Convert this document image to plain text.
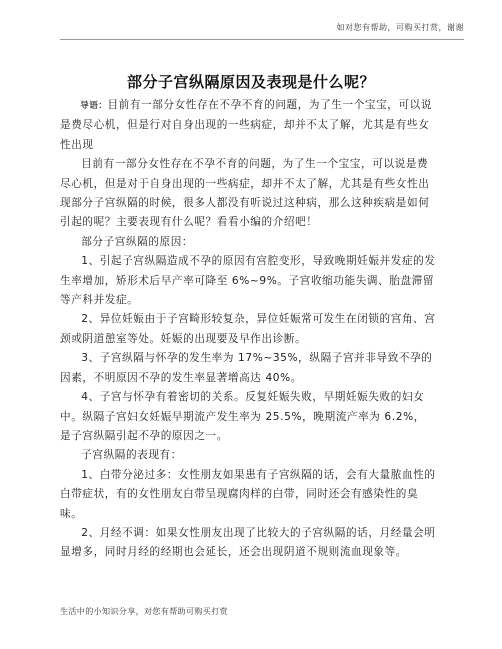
如对您有帮助，可购买打赏，谢谢
部分子宫纵隔原因及表现是什么呢？

导语：目前有一部分女性存在不孕不育的问题，为了生一个宝宝，可以说是费尽心机，但是行对自身出现的一些病症，却并不太了解，尤其是有些女性出现

目前有一部分女性存在不孕不育的问题，为了生一个宝宝，可以说是费尽心机，但是对于自身出现的一些病症，却并不太了解，尤其是有些女性出现部分子宫纵隔的时候，很多人都没有听说过这种病，那么这种疾病是如何引起的呢？主要表现有什么呢？看看小编的介绍吧！

部分子宫纵隔的原因：

1、引起子宫纵隔造成不孕的原因有宫腔变形，导致晚期妊娠并发症的发生率增加，矫形术后早产率可降至 6%~9%。子宫收缩功能失调、胎盘滞留等产科并发症。

2、异位妊娠由于子宫畸形较复杂，异位妊娠常可发生在闭锁的宫角、宫颈或阴道憩室等处。妊娠的出现要及早作出诊断。

3、子宫纵隔与怀孕的发生率为 17%~35%，纵隔子宫并非导致不孕的因素，不明原因不孕的发生率显著增高达 40%。

4、子宫与怀孕有着密切的关系。反复妊娠失败，早期妊娠失败的妇女中。纵隔子宫妇女妊娠早期流产发生率为 25.5%，晚期流产率为 6.2%，是子宫纵隔引起不孕的原因之一。

子宫纵隔的表现有：

1、白带分泌过多：女性朋友如果患有子宫纵隔的话，会有大量脓血性的白带症状，有的女性朋友白带呈现腐肉样的白带，同时还会有感染性的臭味。

2、月经不调：如果女性朋友出现了比较大的子宫纵隔的话，月经量会明显增多，同时月经的经期也会延长，还会出现阴道不规则流血现象等。

生活中的小知识分享，对您有帮助可购买打赏
